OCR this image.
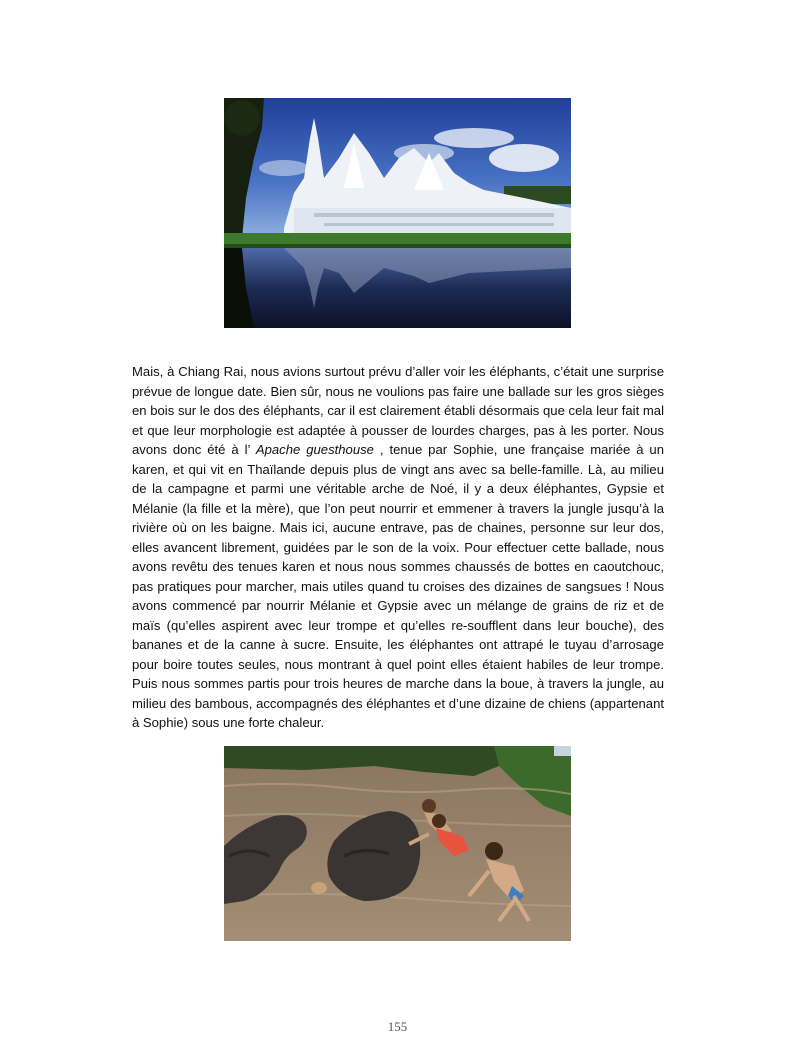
Mais, à Chiang Rai, nous avions surtout prévu d’aller voir les éléphants, c’était une surprise prévue de longue date. Bien sûr, nous ne voulions pas faire une ballade sur les gros sièges en bois sur le dos des éléphants, car il est clairement établi désormais que cela leur fait mal et que leur morphologie est adaptée à pousser de lourdes charges, pas à les porter. Nous avons donc été à l’ Apache guesthouse , tenue par Sophie, une française mariée à un karen, et qui vit en Thaïlande depuis plus de vingt ans avec sa belle-famille. Là, au milieu de la campagne et parmi une véritable arche de Noé, il y a deux éléphantes, Gypsie et Mélanie (la fille et la mère), que l’on peut nourrir et emmener à travers la jungle jusqu’à la rivière où on les baigne. Mais ici, aucune entrave, pas de chaines, personne sur leur dos, elles avancent librement, guidées par le son de la voix. Pour effectuer cette ballade, nous avons revêtu des tenues karen et nous nous sommes chaussés de bottes en caoutchouc, pas pratiques pour marcher, mais utiles quand tu croises des dizaines de sangsues ! Nous avons commencé par nourrir Mélanie et Gypsie avec un mélange de grains de riz et de maïs (qu’elles aspirent avec leur trompe et qu’elles re-soufflent dans leur bouche), des bananes et de la canne à sucre. Ensuite, les éléphantes ont attrapé le tuyau d’arrosage pour boire toutes seules, nous montrant à quel point elles étaient habiles de leur trompe. Puis nous sommes partis pour trois heures de marche dans la boue, à travers la jungle, au milieu des bambous, accompagnés des éléphantes et d’une dizaine de chiens (appartenant à Sophie) sous une forte chaleur.

155
